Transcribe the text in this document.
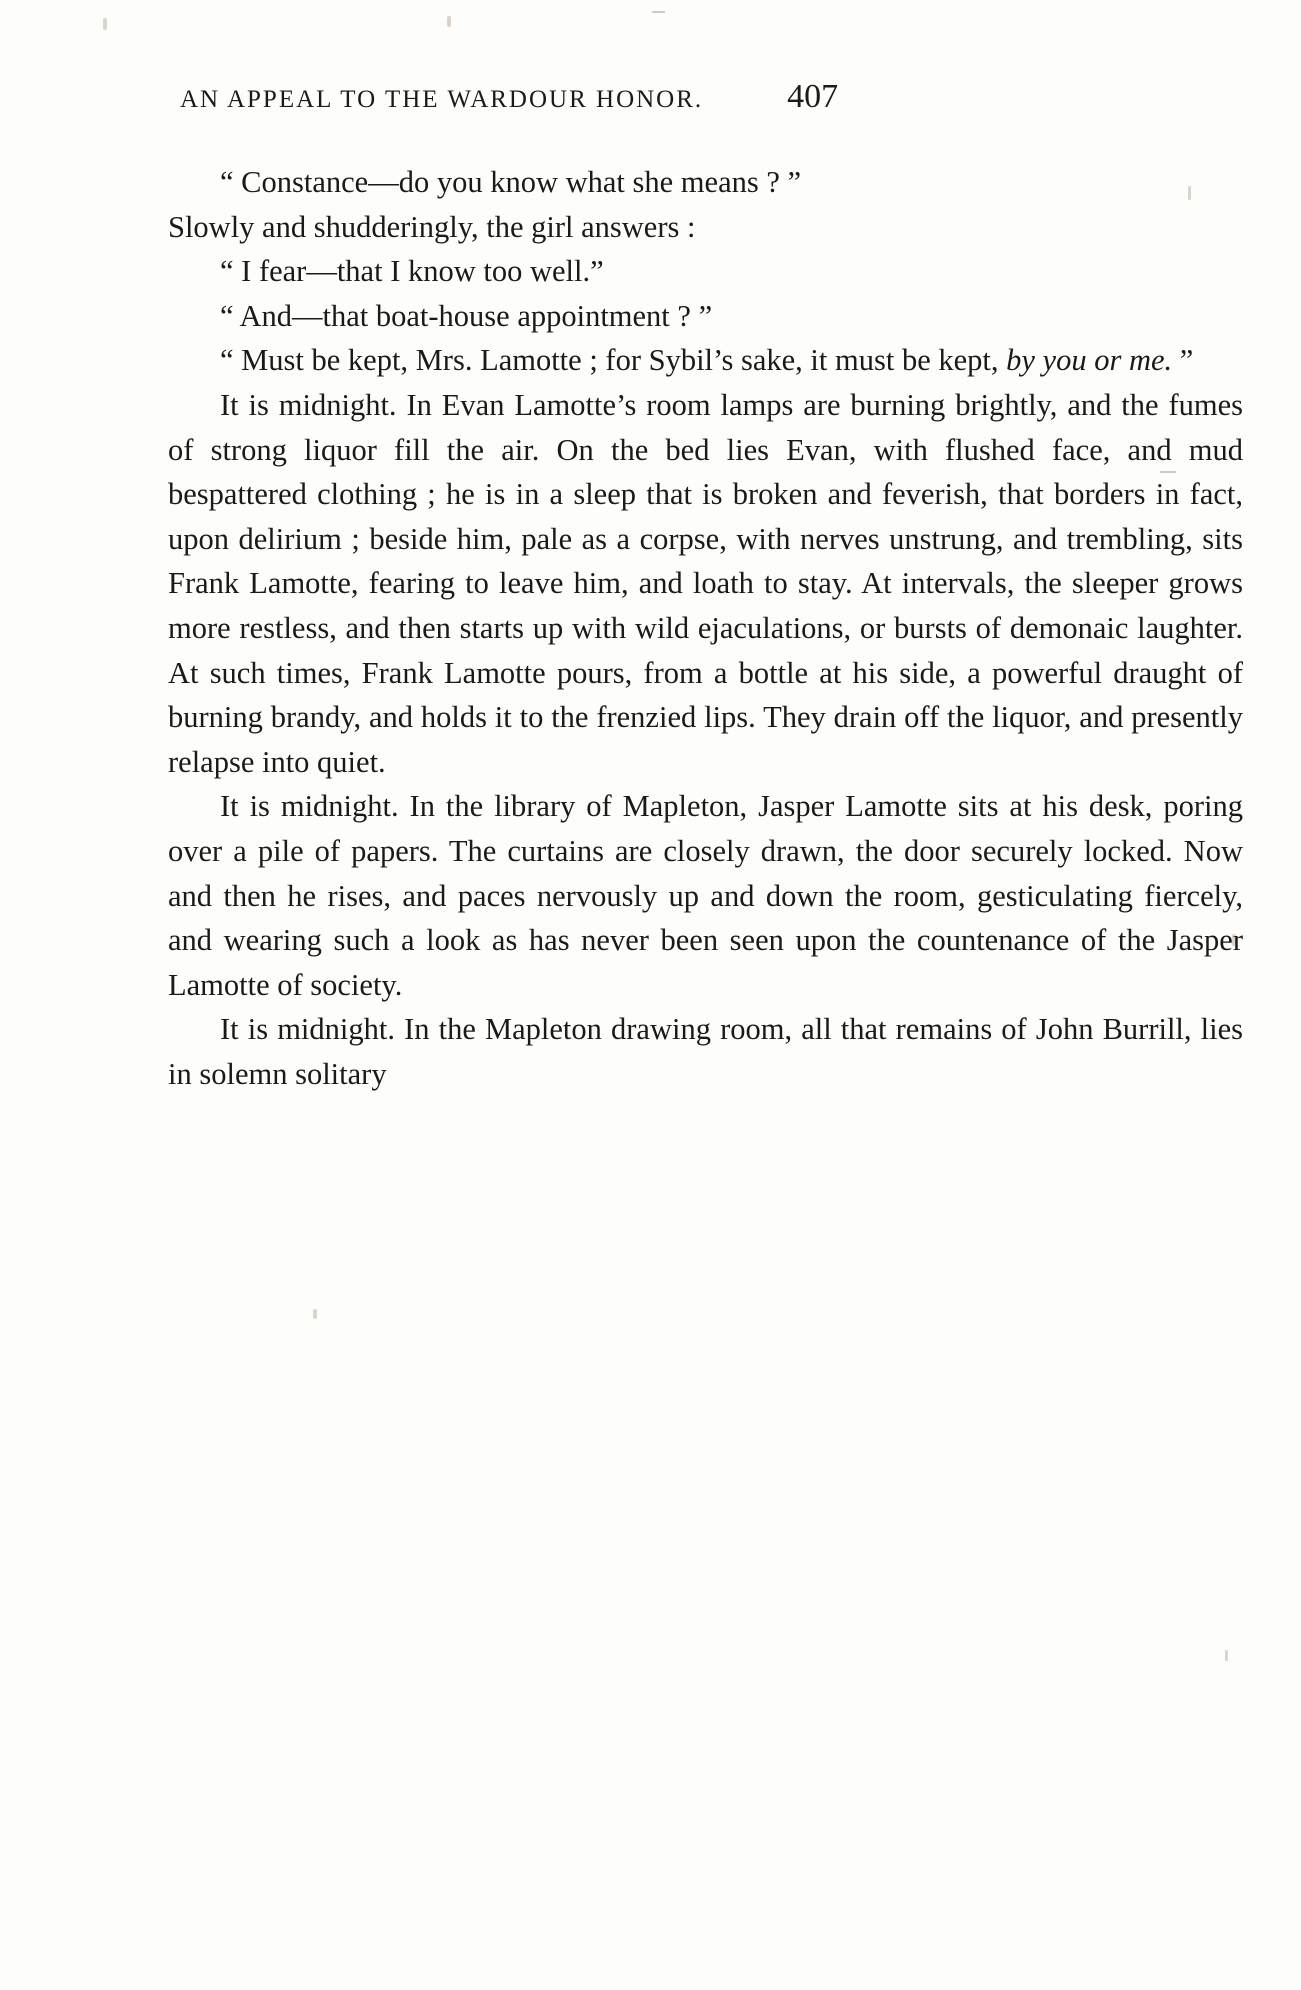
AN APPEAL TO THE WARDOUR HONOR. 407

“ Constance—do you know what she means ? ”

Slowly and shudderingly, the girl answers :

“ I fear—that I know too well.”

“ And—that boat-house appointment ? ”

“ Must be kept, Mrs. Lamotte ; for Sybil’s sake, it must be kept, by you or me. ”

It is midnight. In Evan Lamotte’s room lamps are burning brightly, and the fumes of strong liquor fill the air. On the bed lies Evan, with flushed face, and mud bespattered clothing ; he is in a sleep that is broken and feverish, that borders in fact, upon delirium ; beside him, pale as a corpse, with nerves unstrung, and trembling, sits Frank Lamotte, fearing to leave him, and loath to stay. At intervals, the sleeper grows more restless, and then starts up with wild ejaculations, or bursts of demonaic laughter. At such times, Frank Lamotte pours, from a bottle at his side, a powerful draught of burning brandy, and holds it to the frenzied lips. They drain off the liquor, and presently relapse into quiet.

It is midnight. In the library of Mapleton, Jasper Lamotte sits at his desk, poring over a pile of papers. The curtains are closely drawn, the door securely locked. Now and then he rises, and paces nervously up and down the room, gesticulating fiercely, and wearing such a look as has never been seen upon the countenance of the Jasper Lamotte of society.

It is midnight. In the Mapleton drawing room, all that remains of John Burrill, lies in solemn solitary
